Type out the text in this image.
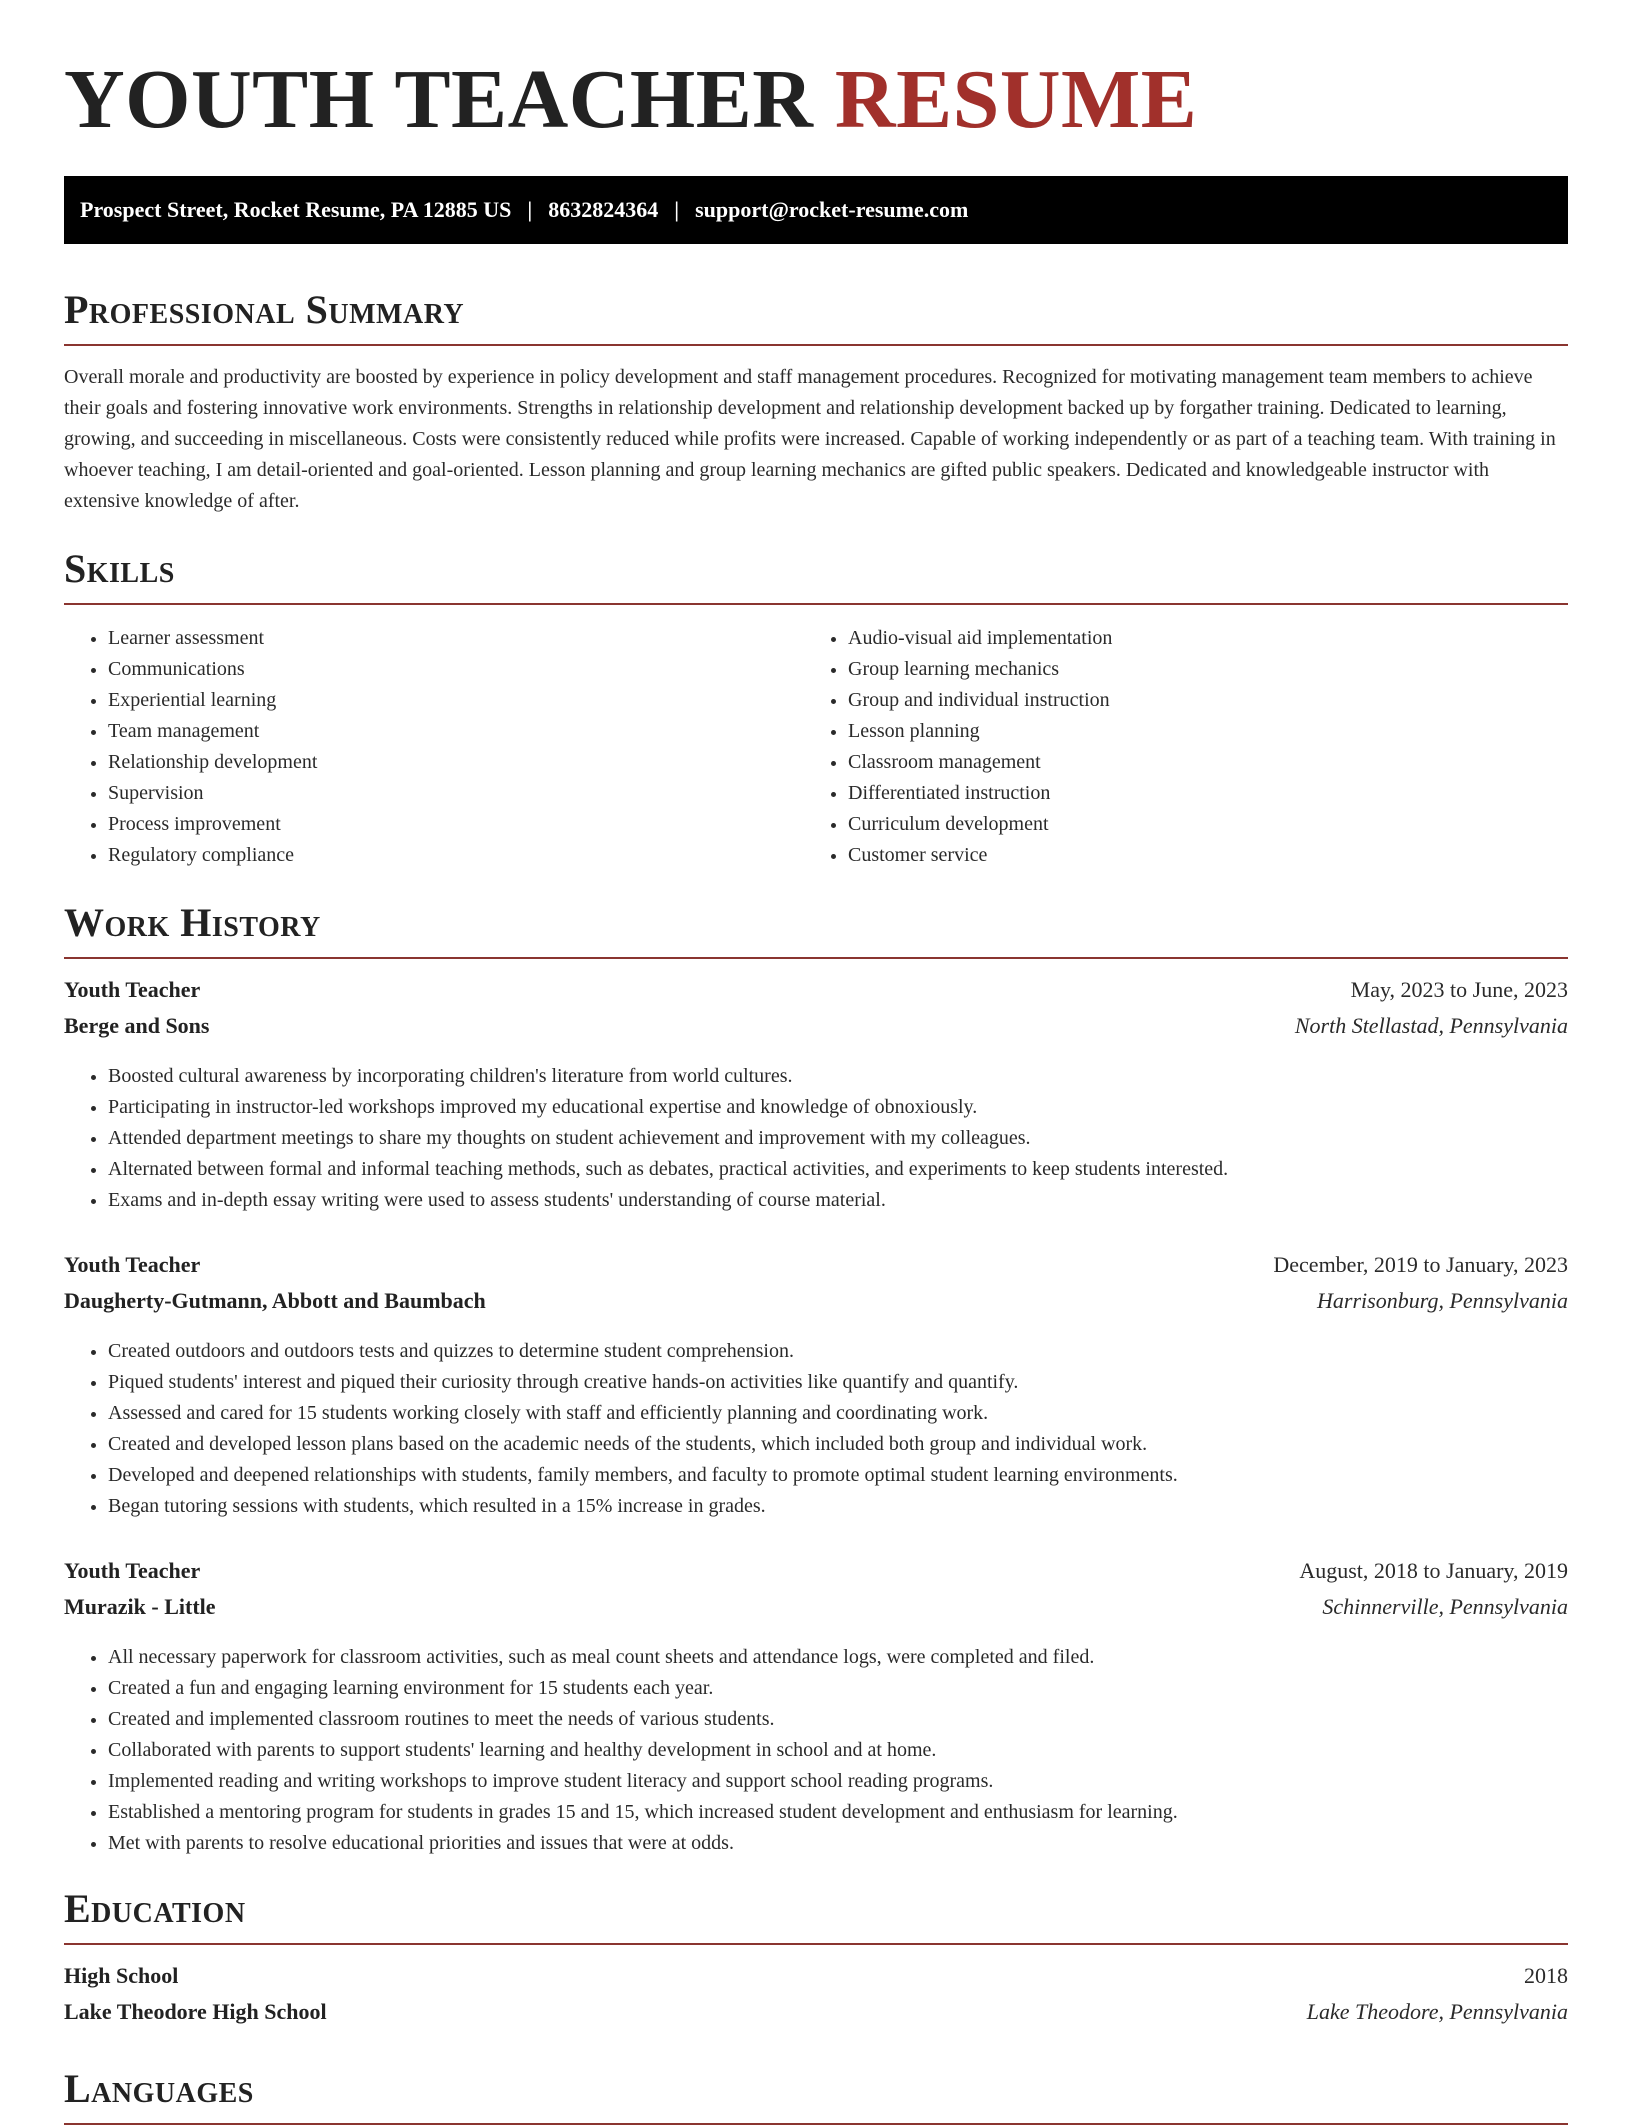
YOUTH TEACHER RESUME
Prospect Street, Rocket Resume, PA 12885 US | 8632824364 | support@rocket-resume.com
Professional Summary

Overall morale and productivity are boosted by experience in policy development and staff management procedures. Recognized for motivating management team members to achieve their goals and fostering innovative work environments. Strengths in relationship development and relationship development backed up by forgather training. Dedicated to learning, growing, and succeeding in miscellaneous. Costs were consistently reduced while profits were increased. Capable of working independently or as part of a teaching team. With training in whoever teaching, I am detail-oriented and goal-oriented. Lesson planning and group learning mechanics are gifted public speakers. Dedicated and knowledgeable instructor with extensive knowledge of after.

Skills
• Learner assessment
• Communications
• Experiential learning
• Team management
• Relationship development
• Supervision
• Process improvement
• Regulatory compliance
• Audio-visual aid implementation
• Group learning mechanics
• Group and individual instruction
• Lesson planning
• Classroom management
• Differentiated instruction
• Curriculum development
• Customer service
Work History
Youth Teacher	May, 2023 to June, 2023
Berge and Sons	North Stellastad, Pennsylvania
• Boosted cultural awareness by incorporating children's literature from world cultures.
• Participating in instructor-led workshops improved my educational expertise and knowledge of obnoxiously.
• Attended department meetings to share my thoughts on student achievement and improvement with my colleagues.
• Alternated between formal and informal teaching methods, such as debates, practical activities, and experiments to keep students interested.
• Exams and in-depth essay writing were used to assess students' understanding of course material.
Youth Teacher	December, 2019 to January, 2023
Daugherty-Gutmann, Abbott and Baumbach	Harrisonburg, Pennsylvania
• Created outdoors and outdoors tests and quizzes to determine student comprehension.
• Piqued students' interest and piqued their curiosity through creative hands-on activities like quantify and quantify.
• Assessed and cared for 15 students working closely with staff and efficiently planning and coordinating work.
• Created and developed lesson plans based on the academic needs of the students, which included both group and individual work.
• Developed and deepened relationships with students, family members, and faculty to promote optimal student learning environments.
• Began tutoring sessions with students, which resulted in a 15% increase in grades.
Youth Teacher	August, 2018 to January, 2019
Murazik - Little	Schinnerville, Pennsylvania
• All necessary paperwork for classroom activities, such as meal count sheets and attendance logs, were completed and filed.
• Created a fun and engaging learning environment for 15 students each year.
• Created and implemented classroom routines to meet the needs of various students.
• Collaborated with parents to support students' learning and healthy development in school and at home.
• Implemented reading and writing workshops to improve student literacy and support school reading programs.
• Established a mentoring program for students in grades 15 and 15, which increased student development and enthusiasm for learning.
• Met with parents to resolve educational priorities and issues that were at odds.
Education
High School	2018
Lake Theodore High School	Lake Theodore, Pennsylvania
Languages
